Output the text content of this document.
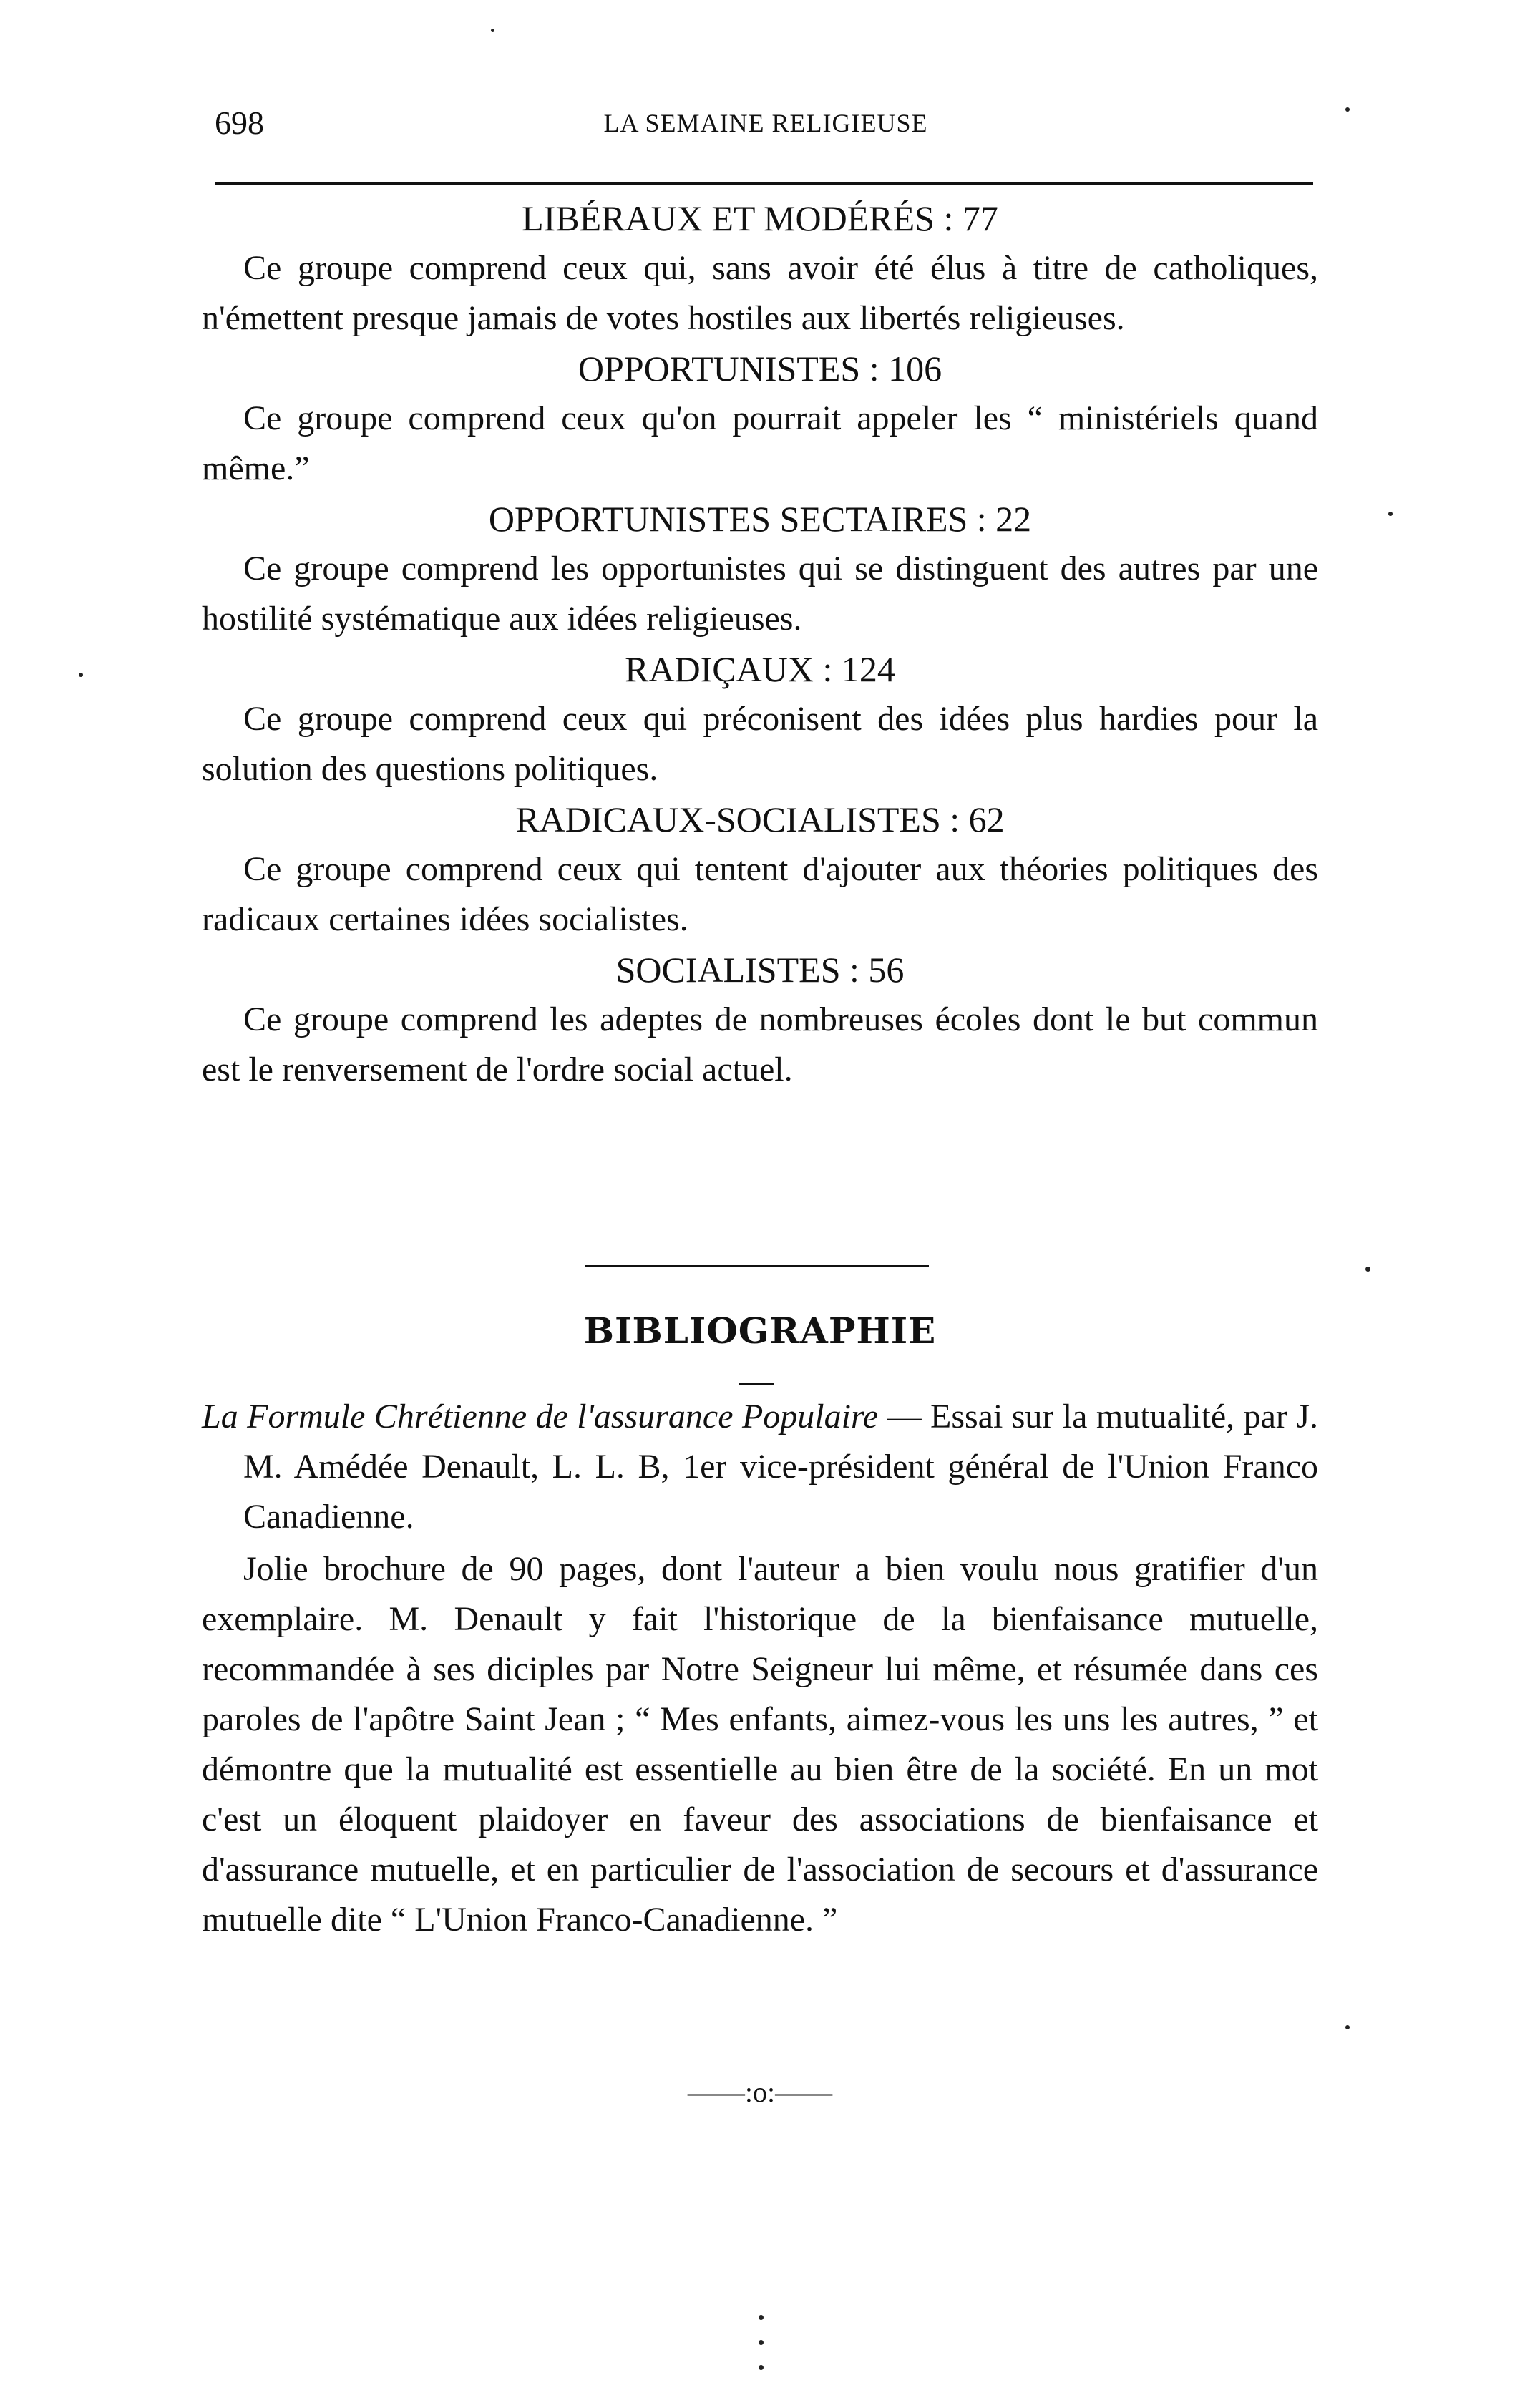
698	LA SEMAINE RELIGIEUSE

LIBÉRAUX ET MODÉRÉS : 77

Ce groupe comprend ceux qui, sans avoir été élus à titre de catholiques, n'émettent presque jamais de votes hostiles aux libertés religieuses.

OPPORTUNISTES : 106

Ce groupe comprend ceux qu'on pourrait appeler les “ ministériels quand même.”

OPPORTUNISTES SECTAIRES : 22

Ce groupe comprend les opportunistes qui se distinguent des autres par une hostilité systématique aux idées religieuses.

RADIÇAUX : 124

Ce groupe comprend ceux qui préconisent des idées plus hardies pour la solution des questions politiques.

RADICAUX-SOCIALISTES : 62

Ce groupe comprend ceux qui tentent d'ajouter aux théories politiques des radicaux certaines idées socialistes.

SOCIALISTES : 56

Ce groupe comprend les adeptes de nombreuses écoles dont le but commun est le renversement de l'ordre social actuel.

BIBLIOGRAPHIE
La Formule Chrétienne de l'assurance Populaire — Essai sur la mutualité, par J. M. Amédée Denault, L. L. B, 1er vice-président général de l'Union Franco Canadienne.
Jolie brochure de 90 pages, dont l'auteur a bien voulu nous gratifier d'un exemplaire. M. Denault y fait l'historique de la bienfaisance mutuelle, recommandée à ses diciples par Notre Seigneur lui même, et résumée dans ces paroles de l'apôtre Saint Jean ; “ Mes enfants, aimez-vous les uns les autres, ” et démontre que la mutualité est essentielle au bien être de la société. En un mot c'est un éloquent plaidoyer en faveur des associations de bienfaisance et d'assurance mutuelle, et en particulier de l'association de secours et d'assurance mutuelle dite “ L'Union Franco-Canadienne. ”
——:o:——
